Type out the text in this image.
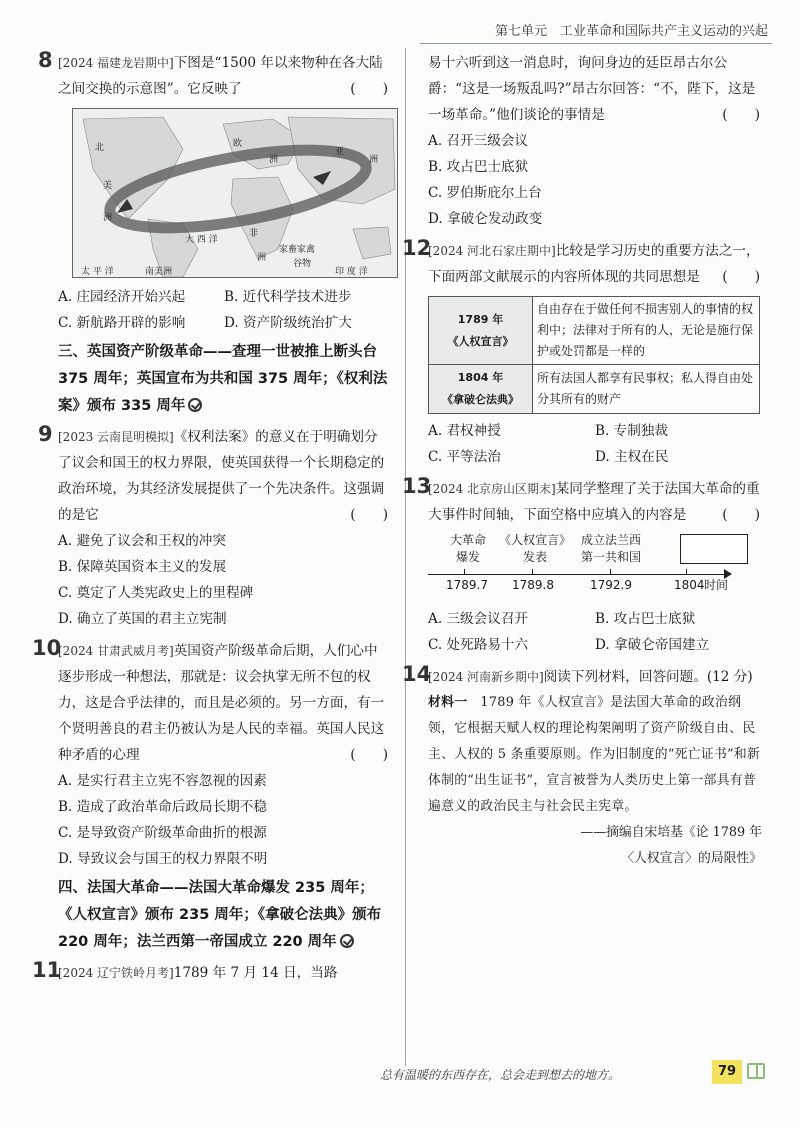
第七单元　工业革命和国际共产主义运动的兴起
8 [2024 福建龙岩期中]下图是“1500 年以来物种在各大陆之间交换的示意图”。它反映了	(　　)
北
美
洲
欧
洲
亚
洲
非
洲
南美洲
大 西 洋
太 平 洋	印 度 洋
家畜家禽
谷物
A. 庄园经济开始兴起	B. 近代科学技术进步
C. 新航路开辟的影响	D. 资产阶级统治扩大
三、英国资产阶级革命——查理一世被推上断头台 375 周年；英国宣布为共和国 375 周年；《权利法案》颁布 335 周年
9 [2023 云南昆明模拟]《权利法案》的意义在于明确划分了议会和国王的权力界限，使英国获得一个长期稳定的政治环境，为其经济发展提供了一个先决条件。这强调的是它	(　　)
A. 避免了议会和王权的冲突
B. 保障英国资本主义的发展
C. 奠定了人类宪政史上的里程碑
D. 确立了英国的君主立宪制
10
[2024 甘肃武威月考]英国资产阶级革命后期，人们心中逐步形成一种想法，那就是：议会执掌无所不包的权力，这是合乎法律的，而且是必须的。另一方面，有一个贤明善良的君主仍被认为是人民的幸福。英国人民这种矛盾的心理	(　　)
A. 是实行君主立宪不容忽视的因素
B. 造成了政治革命后政局长期不稳
C. 是导致资产阶级革命曲折的根源
D. 导致议会与国王的权力界限不明
四、法国大革命——法国大革命爆发 235 周年；《人权宣言》颁布 235 周年；《拿破仑法典》颁布 220 周年；法兰西第一帝国成立 220 周年
11
[2024 辽宁铁岭月考]1789 年 7 月 14 日，当路
易十六听到这一消息时，询问身边的廷臣昂古尔公爵：“这是一场叛乱吗?”昂古尔回答：“不，陛下，这是一场革命。”他们谈论的事情是	(　　)
A. 召开三级会议
B. 攻占巴士底狱
C. 罗伯斯庇尔上台
D. 拿破仑发动政变
12
[2024 河北石家庄期中]比较是学习历史的重要方法之一，下面两部文献展示的内容所体现的共同思想是 (　　)
1789 年
《人权宣言》	自由存在于做任何不损害别人的事情的权利中；法律对于所有的人，无论是施行保护或处罚都是一样的

1804 年
《拿破仑法典》	所有法国人都享有民事权；私人得自由处分其所有的财产
A. 君权神授	B. 专制独裁
C. 平等法治	D. 主权在民
13
[2024 北京房山区期末]某同学整理了关于法国大革命的重大事件时间轴，下面空格中应填入的内容是	(　　)
大革命
爆发
《人权宣言》
发表
成立法兰西
第一共和国
1789.7 1789.8	1792.9	1804 时间
A. 三级会议召开	B. 攻占巴士底狱
C. 处死路易十六	D. 拿破仑帝国建立
14
[2024 河南新乡期中]阅读下列材料，回答问题。(12 分)
材料一　 1789 年《人权宣言》是法国大革命的政治纲领，它根据天赋人权的理论构架阐明了资产阶级自由、民主、人权的 5 条重要原则。作为旧制度的“死亡证书”和新体制的“出生证书”，宣言被誉为人类历史上第一部具有普遍意义的政治民主与社会民主宪章。
——摘编自宋培基《论 1789 年
〈人权宣言〉的局限性》
总有温暖的东西存在，总会走到想去的地方。	79
